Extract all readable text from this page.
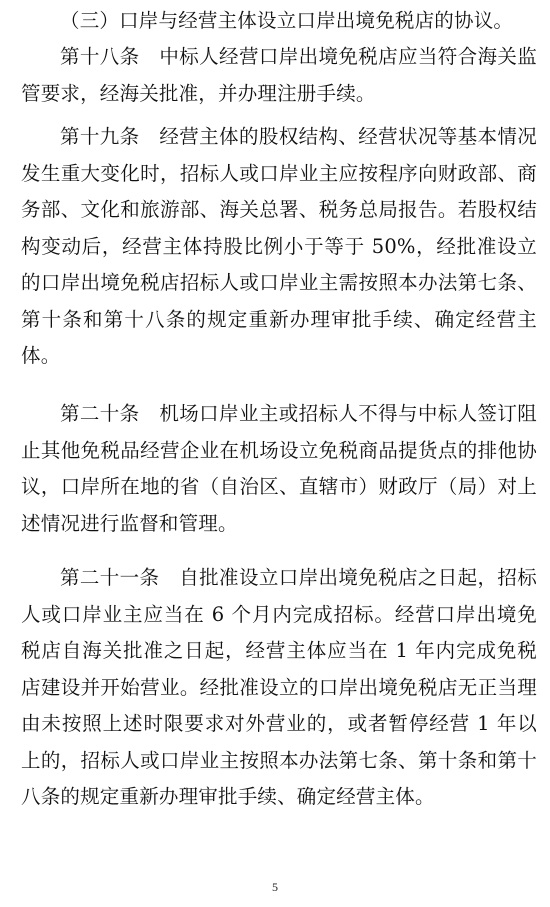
（三）口岸与经营主体设立口岸出境免税店的协议。

第十八条　中标人经营口岸出境免税店应当符合海关监管要求，经海关批准，并办理注册手续。

第十九条　经营主体的股权结构、经营状况等基本情况发生重大变化时，招标人或口岸业主应按程序向财政部、商务部、文化和旅游部、海关总署、税务总局报告。若股权结构变动后，经营主体持股比例小于等于 50%，经批准设立的口岸出境免税店招标人或口岸业主需按照本办法第七条、第十条和第十八条的规定重新办理审批手续、确定经营主体。

第二十条　机场口岸业主或招标人不得与中标人签订阻止其他免税品经营企业在机场设立免税商品提货点的排他协议，口岸所在地的省（自治区、直辖市）财政厅（局）对上述情况进行监督和管理。

第二十一条　自批准设立口岸出境免税店之日起，招标人或口岸业主应当在 6 个月内完成招标。经营口岸出境免税店自海关批准之日起，经营主体应当在 1 年内完成免税店建设并开始营业。经批准设立的口岸出境免税店无正当理由未按照上述时限要求对外营业的，或者暂停经营 1 年以上的，招标人或口岸业主按照本办法第七条、第十条和第十八条的规定重新办理审批手续、确定经营主体。

5
